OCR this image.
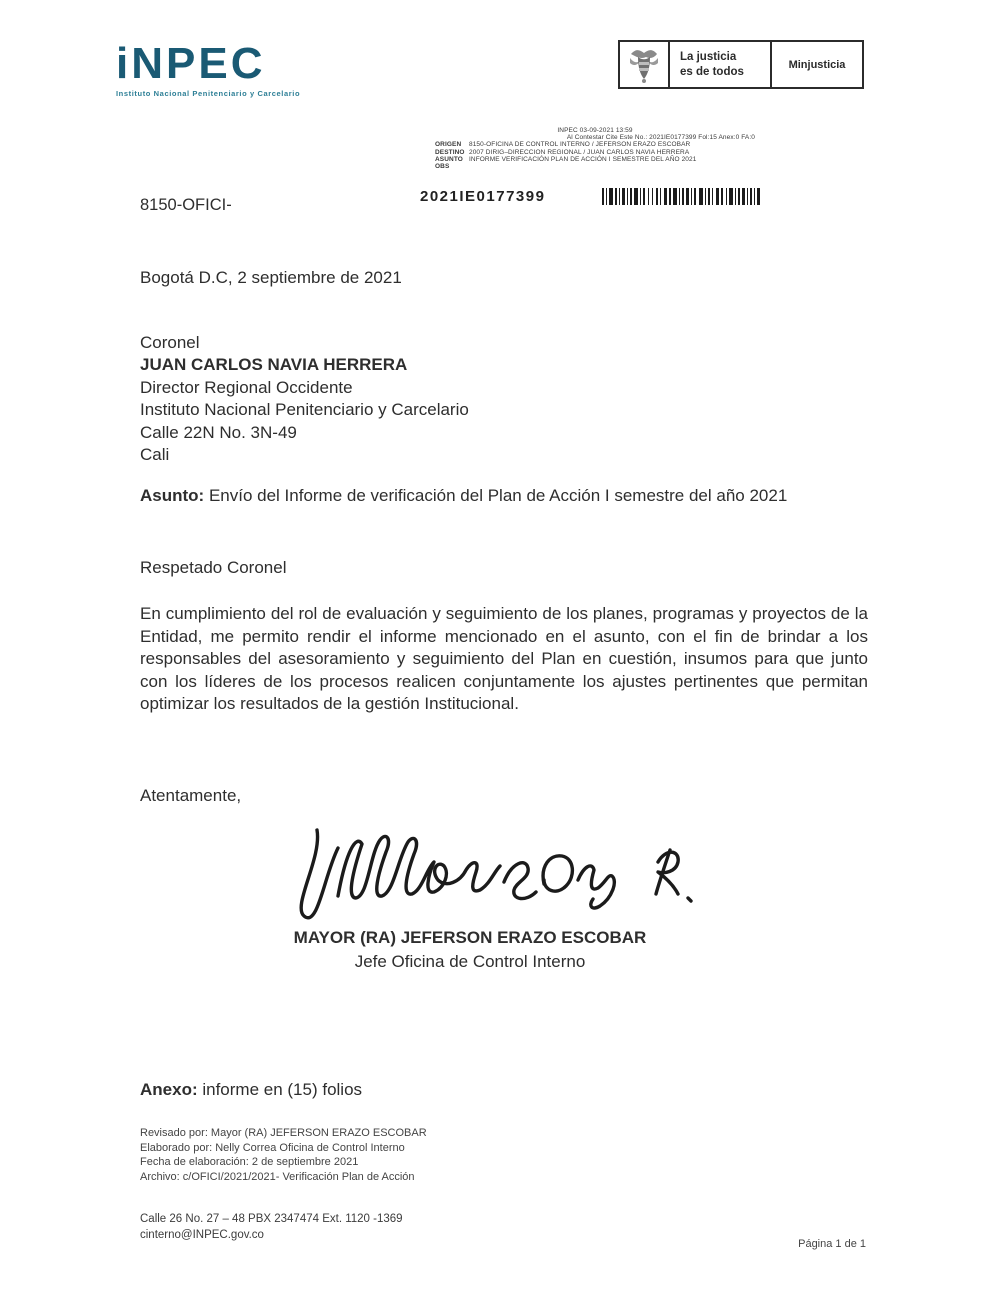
iNPEC
Instituto Nacional Penitenciario y Carcelario
La justicia
es de todos
Minjusticia
INPEC 03-09-2021 13:59
Al Contestar Cite Este No.: 2021IE0177399 Fol:15 Anex:0 FA:0
ORIGEN	8150-OFICINA DE CONTROL INTERNO / JEFERSON ERAZO ESCOBAR
DESTINO 2007 DIRIG–DIRECCION REGIONAL / JUAN CARLOS NAVIA HERRERA
ASUNTO INFORME VERIFICACIÓN PLAN DE ACCIÓN I SEMESTRE DEL AÑO 2021
OBS
2021IE0177399
8150-OFICI-
Bogotá D.C, 2 septiembre de 2021
Coronel
JUAN CARLOS NAVIA HERRERA
Director Regional Occidente
Instituto Nacional Penitenciario y Carcelario
Calle 22N No. 3N-49
Cali

Asunto: Envío del Informe de verificación del Plan de Acción I semestre del año 2021

Respetado Coronel

En cumplimiento del rol de evaluación y seguimiento de los planes, programas y proyectos de la Entidad, me permito rendir el informe mencionado en el asunto, con el fin de brindar a los responsables del asesoramiento y seguimiento del Plan en cuestión, insumos para que junto con los líderes de los procesos realicen conjuntamente los ajustes pertinentes que permitan optimizar los resultados de la gestión Institucional.

Atentamente,
MAYOR (RA) JEFERSON ERAZO ESCOBAR
Jefe Oficina de Control Interno

Anexo: informe en (15) folios

Revisado por: Mayor (RA) JEFERSON ERAZO ESCOBAR
Elaborado por: Nelly Correa Oficina de Control Interno
Fecha de elaboración: 2 de septiembre 2021
Archivo: c/OFICI/2021/2021- Verificación Plan de Acción
Calle 26 No. 27 – 48 PBX 2347474 Ext. 1120 -1369
cinterno@INPEC.gov.co
Página 1 de 1
